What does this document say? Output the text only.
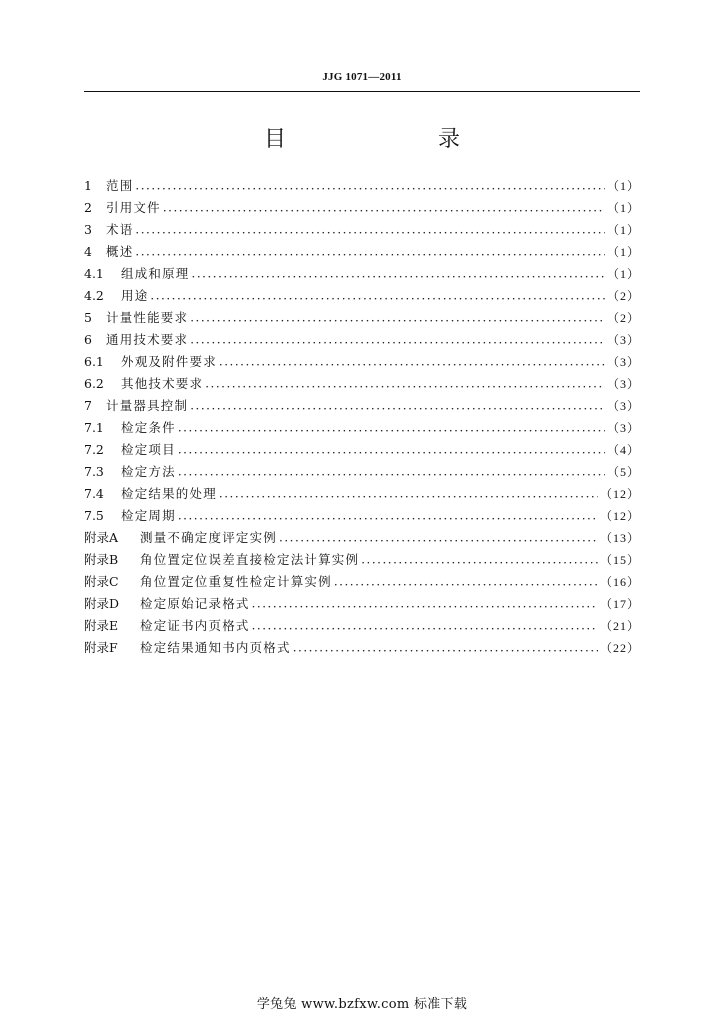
JJG 1071—2011
目　　录
1	范围 ·····	（1）
2	引用文件 ·····	（1）
3	术语 ·····	（1）
4	概述 ·····	（1）
4.1	组成和原理 ·····	（1）
4.2	用途 ·····	（2）
5	计量性能要求 ·····	（2）
6	通用技术要求 ·····	（3）
6.1	外观及附件要求 ·····	（3）
6.2	其他技术要求 ·····	（3）
7	计量器具控制 ·····	（3）
7.1	检定条件 ·····	（3）
7.2	检定项目 ·····	（4）
7.3	检定方法 ·····	（5）
7.4	检定结果的处理 ·····	（12）
7.5	检定周期 ·····	（12）
附录A	测量不确定度评定实例 ·····	（13）
附录B	角位置定位误差直接检定法计算实例 ·····	（15）
附录C	角位置定位重复性检定计算实例 ·····	（16）
附录D	检定原始记录格式 ·····	（17）
附录E	检定证书内页格式 ·····	（21）
附录F	检定结果通知书内页格式 ·····	（22）
学兔兔 www.bzfxw.com 标准下载
